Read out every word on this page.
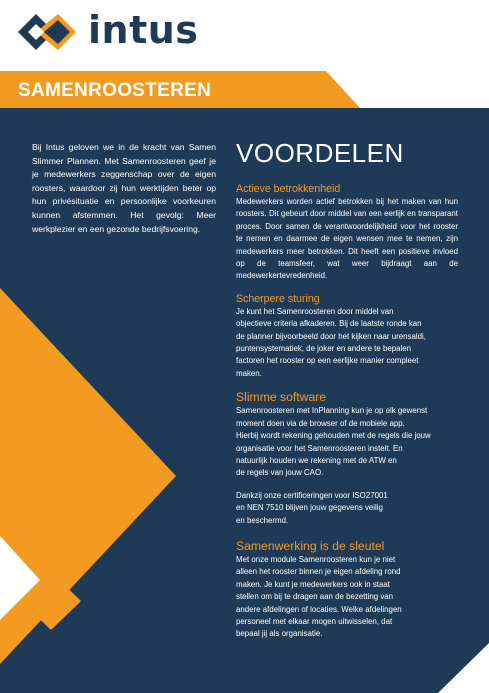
intus
SAMENROOSTEREN
Bij Intus geloven we in de kracht van Samen Slimmer Plannen. Met Samenroosteren geef je je medewerkers zeggenschap over de eigen roosters, waardoor zij hun werktijden beter op hun privésituatie en persoonlijke voorkeuren kunnen afstemmen. Het gevolg: Meer werkplezier en een gezonde bedrijfsvoering.
VOORDELEN
Actieve betrokkenheid
Medewerkers worden actief betrokken bij het maken van hun roosters. Dit gebeurt door middel van een eerlijk en transparant proces. Door samen de verantwoordelijkheid voor het rooster te nemen en daarmee de eigen wensen mee te nemen, zijn medewerkers meer betrokken. Dit heeft een positieve invloed op de teamsfeer, wat weer bijdraagt aan de medewerkertevredenheid.
Scherpere sturing
Je kunt het Samenroosteren door middel van
objectieve criteria afkaderen. Bij de laatste ronde kan
de planner bijvoorbeeld door het kijken naar urensaldi,
puntensystematiek, de joker en andere te bepalen
factoren het rooster op een eerlijke manier compleet
maken.
Slimme software
Samenroosteren met InPlanning kun je op elk gewenst
moment doen via de browser of de mobiele app.
Hierbij wordt rekening gehouden met de regels die jouw
organisatie voor het Samenroosteren instelt. En
natuurlijk houden we rekening met de ATW en
de regels van jouw CAO.
Dankzij onze certificeringen voor ISO27001
en NEN 7510 blijven jouw gegevens veilig
en beschermd.
Samenwerking is de sleutel
Met onze module Samenroosteren kun je niet
alleen het rooster binnen je eigen afdeling rond
maken. Je kunt je medewerkers ook in staat
stellen om bij te dragen aan de bezetting van
andere afdelingen of locaties. Welke afdelingen
personeel met elkaar mogen uitwisselen, dat
bepaal jij als organisatie.
